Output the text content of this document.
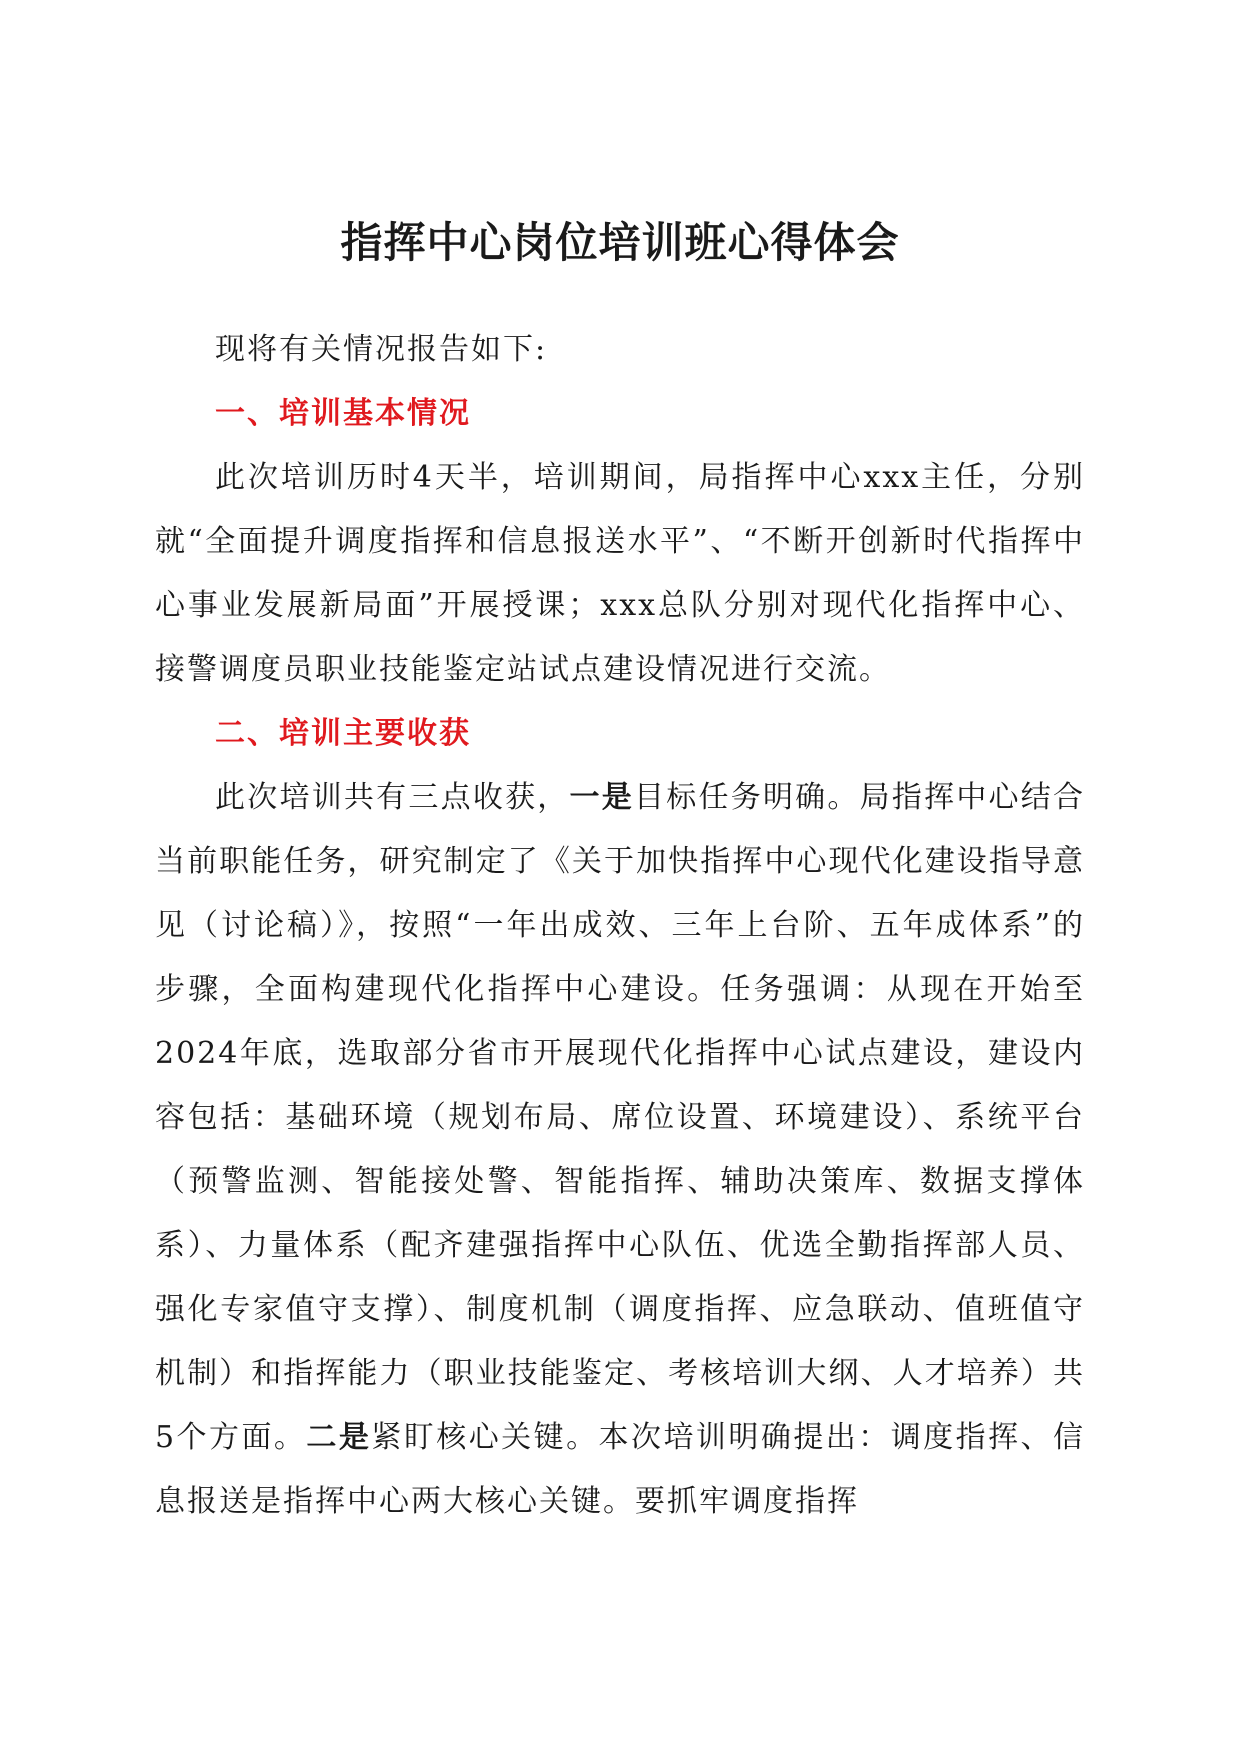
指挥中心岗位培训班心得体会

现将有关情况报告如下:

一、培训基本情况

此次培训历时4天半，培训期间，局指挥中心xxx主任，分别就“全面提升调度指挥和信息报送水平”、“不断开创新时代指挥中心事业发展新局面”开展授课；xxx总队分别对现代化指挥中心、接警调度员职业技能鉴定站试点建设情况进行交流。

二、培训主要收获

此次培训共有三点收获，一是目标任务明确。局指挥中心结合当前职能任务，研究制定了《关于加快指挥中心现代化建设指导意见（讨论稿）》，按照“一年出成效、三年上台阶、五年成体系”的步骤，全面构建现代化指挥中心建设。任务强调：从现在开始至2024年底，选取部分省市开展现代化指挥中心试点建设，建设内容包括：基础环境（规划布局、席位设置、环境建设）、系统平台（预警监测、智能接处警、智能指挥、辅助决策库、数据支撑体系）、力量体系（配齐建强指挥中心队伍、优选全勤指挥部人员、强化专家值守支撑）、制度机制（调度指挥、应急联动、值班值守机制）和指挥能力（职业技能鉴定、考核培训大纲、人才培养）共5个方面。二是紧盯核心关键。本次培训明确提出：调度指挥、信息报送是指挥中心两大核心关键。要抓牢调度指挥
